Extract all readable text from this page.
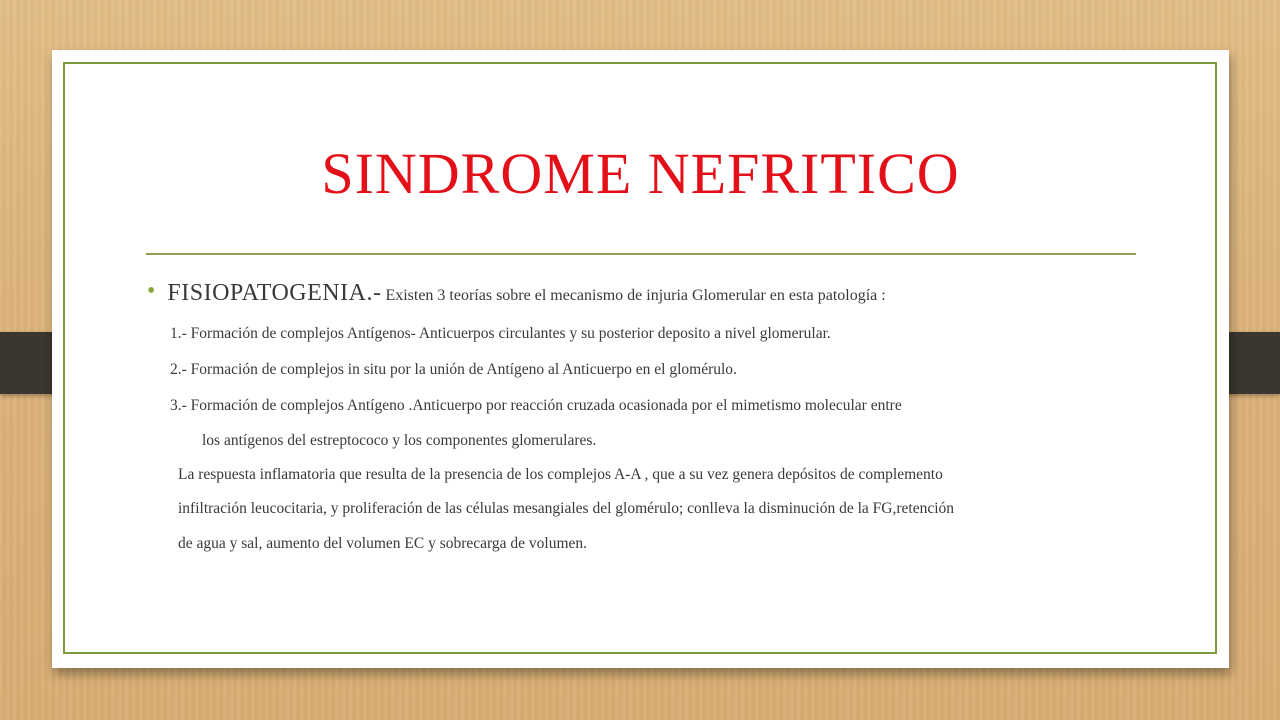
SINDROME NEFRITICO
• FISIOPATOGENIA.- Existen 3 teorías sobre el mecanismo de injuria Glomerular en esta patología :
1.- Formación de complejos Antígenos- Anticuerpos circulantes y su posterior deposito a nivel glomerular.
2.- Formación de complejos in situ por la unión de Antígeno al Anticuerpo en el glomérulo.
3.- Formación de complejos Antígeno .Anticuerpo por reacción cruzada ocasionada por el mimetismo molecular entre
los antígenos del estreptococo y los componentes glomerulares.
La respuesta inflamatoria que resulta de la presencia de los complejos A-A , que a su vez genera depósitos de complemento
infiltración leucocitaria, y proliferación de las células mesangiales del glomérulo; conlleva la disminución de la FG,retención
de agua y sal, aumento del volumen EC y sobrecarga de volumen.
